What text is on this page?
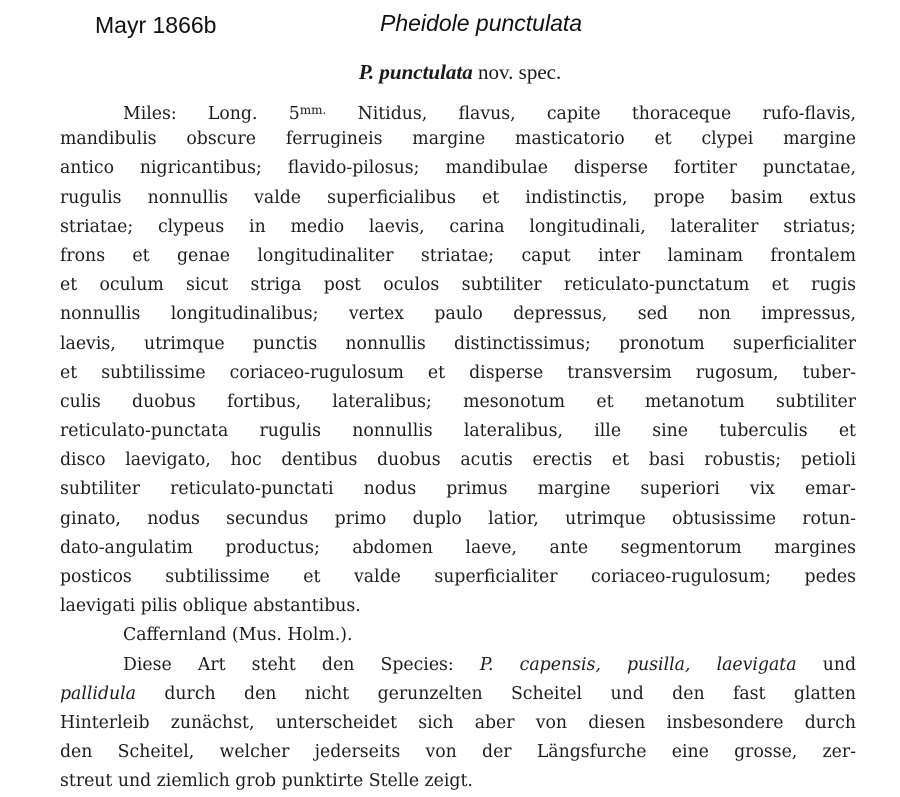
Mayr 1866b	Pheidole punctulata
P. punctulata nov. spec.
Miles: Long. $5^{mm.}$ Nitidus, flavus, capite thoraceque rufo-flavis,
mandibulis obscure ferrugineis margine masticatorio et clypei margine
antico nigricantibus; flavido-pilosus; mandibulae disperse fortiter punctatae,
rugulis nonnullis valde superficialibus et indistinctis, prope basim extus
striatae; clypeus in medio laevis, carina longitudinali, lateraliter striatus;
frons et genae longitudinaliter striatae; caput inter laminam frontalem
et oculum sicut striga post oculos subtiliter reticulato-punctatum et rugis
nonnullis longitudinalibus; vertex paulo depressus, sed non impressus,
laevis, utrimque punctis nonnullis distinctissimus; pronotum superficialiter
et subtilissime coriaceo-rugulosum et disperse transversim rugosum, tuber-
culis duobus fortibus, lateralibus; mesonotum et metanotum subtiliter
reticulato-punctata rugulis nonnullis lateralibus, ille sine tuberculis et
disco laevigato, hoc dentibus duobus acutis erectis et basi robustis; petioli
subtiliter reticulato-punctati nodus primus margine superiori vix emar-
ginato, nodus secundus primo duplo latior, utrimque obtusissime rotun-
dato-angulatim productus; abdomen laeve, ante segmentorum margines
posticos subtilissime et valde superficialiter coriaceo-rugulosum; pedes
laevigati pilis oblique abstantibus.
Caffernland (Mus. Holm.).
Diese Art steht den Species: P. capensis, pusilla, laevigata und
pallidula durch den nicht gerunzelten Scheitel und den fast glatten
Hinterleib zunächst, unterscheidet sich aber von diesen insbesondere durch
den Scheitel, welcher jederseits von der Längsfurche eine grosse, zer-
streut und ziemlich grob punktirte Stelle zeigt.
